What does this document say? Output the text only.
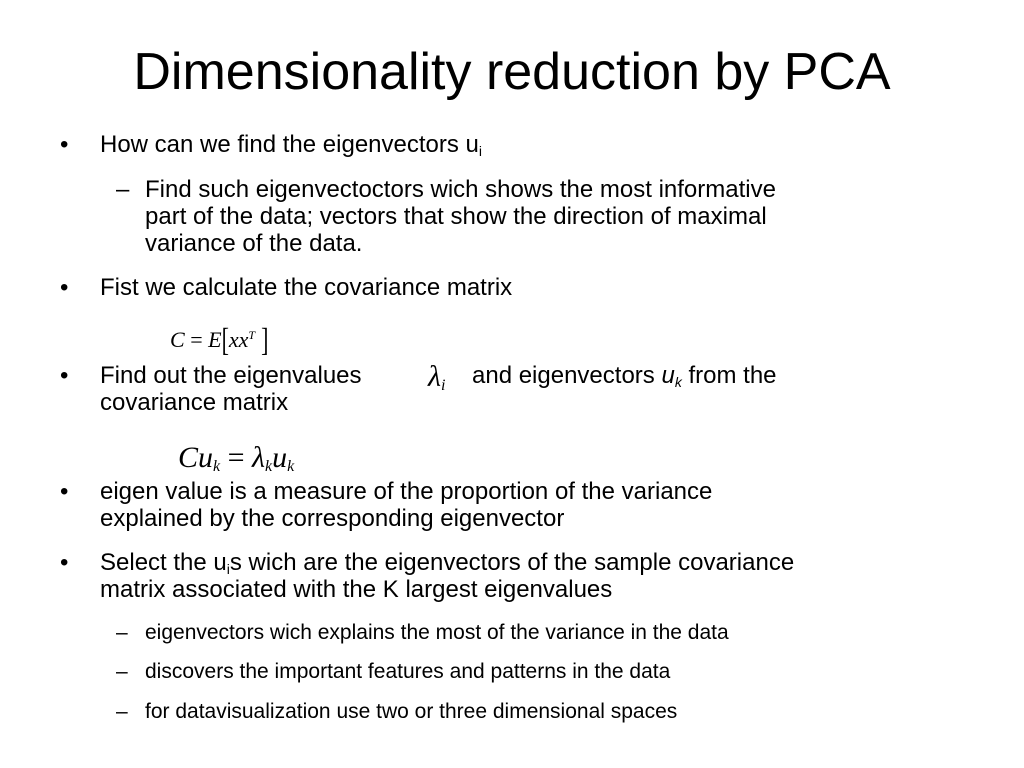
Dimensionality reduction by PCA
• How can we find the eigenvectors $u_i$
– Find such eigenvectoctors wich shows the most informative
part of the data; vectors that show the direction of maximal
variance of the data.
• Fist we calculate the covariance matrix
$C = E[xx^T$ ]
• Find out the eigenvalues $\lambda_i$ and eigenvectors $u_k$ from the
covariance matrix
$Cu_k = \lambda_ku_k$
• eigen value is a measure of the proportion of the variance
explained by the corresponding eigenvector
• Select the $u_is$ wich are the eigenvectors of the sample covariance
matrix associated with the K largest eigenvalues
– eigenvectors wich explains the most of the variance in the data
– discovers the important features and patterns in the data
– for datavisualization use two or three dimensional spaces
